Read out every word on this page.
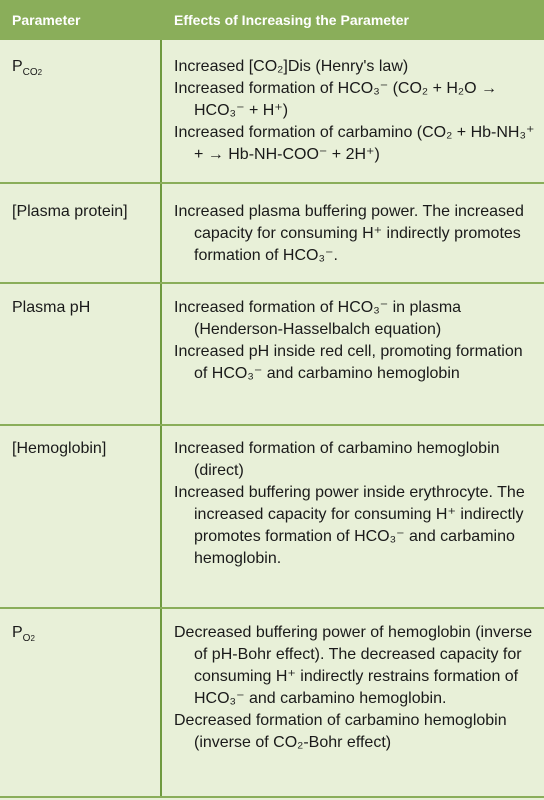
Parameter	Effects of Increasing the Parameter
$P_{CO2}$	Increased [CO₂]Dis (Henry's law)

Increased formation of HCO₃⁻ (CO₂ + H₂O → HCO₃⁻ + H⁺)

Increased formation of carbamino (CO₂ + Hb-NH₃⁺ + → Hb-NH-COO⁻ + 2H⁺)

[Plasma protein]	Increased plasma buffering power. The increased capacity for consuming H⁺ indirectly promotes formation of HCO₃⁻.

Plasma pH	Increased formation of HCO₃⁻ in plasma (Henderson-Hasselbalch equation)

Increased pH inside red cell, promoting formation of HCO₃⁻ and carbamino hemoglobin

[Hemoglobin]	Increased formation of carbamino hemoglobin (direct)

Increased buffering power inside erythrocyte. The increased capacity for consuming H⁺ indirectly promotes formation of HCO₃⁻ and carbamino hemoglobin.

$P_{O2}$	Decreased buffering power of hemoglobin (inverse of pH-Bohr effect). The decreased capacity for consuming H⁺ indirectly restrains formation of HCO₃⁻ and carbamino hemoglobin.

Decreased formation of carbamino hemoglobin (inverse of CO₂-Bohr effect)
